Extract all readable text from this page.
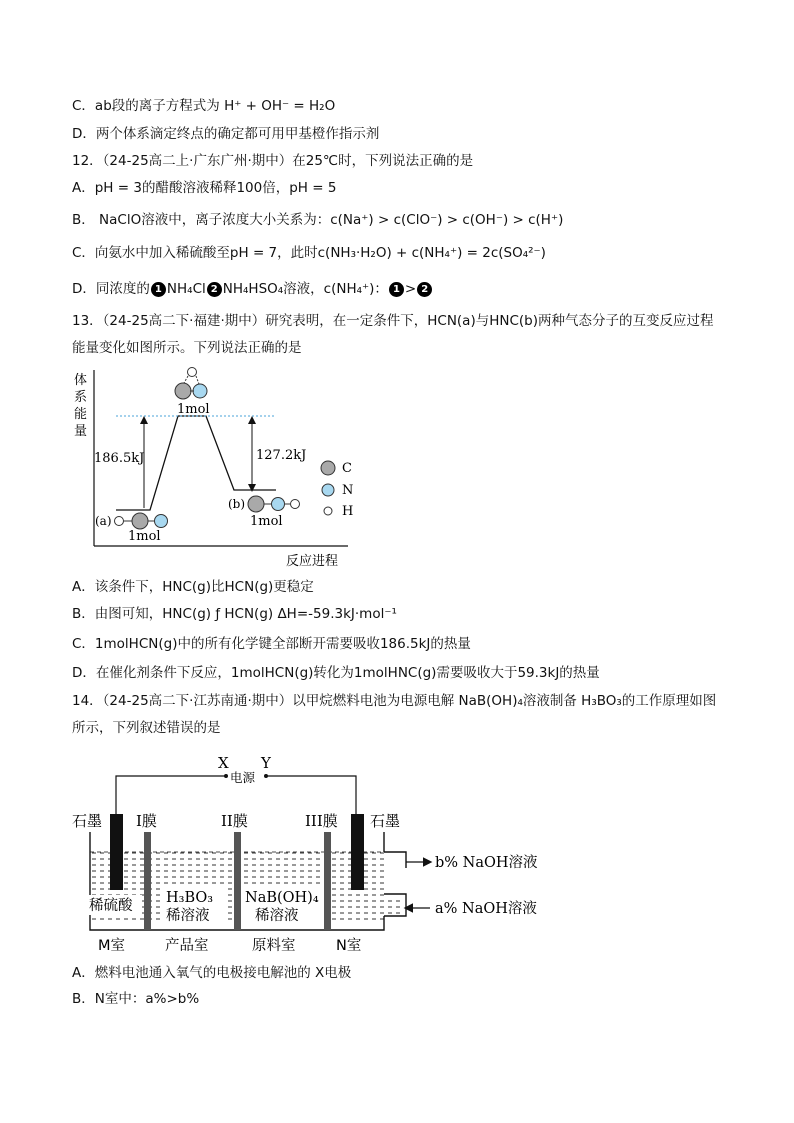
C．ab段的离子方程式为 H⁺ + OH⁻ = H₂O
D．两个体系滴定终点的确定都可用甲基橙作指示剂
12．（24-25高二上·广东广州·期中）在25℃时，下列说法正确的是
A．pH = 3的醋酸溶液稀释100倍，pH = 5
B． NaClO溶液中，离子浓度大小关系为：c(Na⁺) > c(ClO⁻) > c(OH⁻) > c(H⁺)
C．向氨水中加入稀硫酸至pH = 7，此时c(NH₃·H₂O) + c(NH₄⁺) = 2c(SO₄²⁻)
D．同浓度的 1 NH₄Cl 2 NH₄HSO₄溶液，c(NH₄⁺)： 1 > 2
13．（24-25高二下·福建·期中）研究表明，在一定条件下，HCN(a)与HNC(b)两种气态分子的互变反应过程
能量变化如图所示。下列说法正确的是
体
系
能
量
反应进程
186.5kJ	127.2kJ
1mol
(a)
1mol
(b)
1mol
C
N
H
A．该条件下，HNC(g)比HCN(g)更稳定
B．由图可知，HNC(g) ƒ HCN(g) ΔH=-59.3kJ·mol⁻¹
C．1molHCN(g)中的所有化学键全部断开需要吸收186.5kJ的热量
D．在催化剂条件下反应，1molHCN(g)转化为1molHNC(g)需要吸收大于59.3kJ的热量
14．（24-25高二下·江苏南通·期中）以甲烷燃料电池为电源电解 NaB(OH)₄溶液制备 H₃BO₃的工作原理如图
所示，下列叙述错误的是
X Y
电源
石墨 I膜	II膜	III膜 石墨
稀硫酸 H₃BO₃
稀溶液
NaB(OH)₄
稀溶液
b% NaOH溶液
a% NaOH溶液
M室	产品室	原料室	N室
A．燃料电池通入氧气的电极接电解池的 X电极
B．N室中：a%>b%
